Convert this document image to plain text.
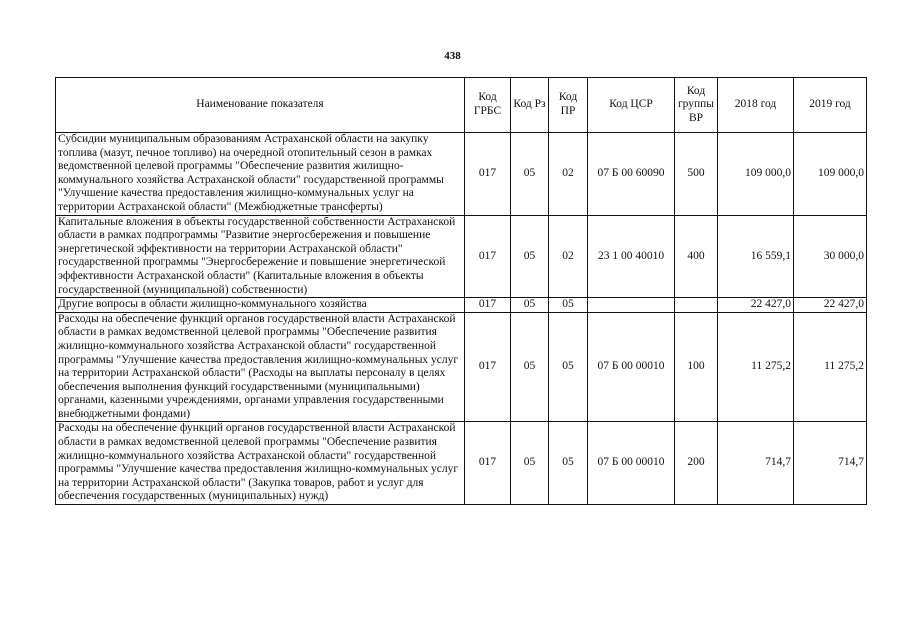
438
Наименование показателя	Код ГРБС	Код Рз	Код ПР	Код ЦСР	Код группы ВР	2018 год	2019 год
Субсидии муниципальным образованиям Астраханской области на закупку топлива (мазут, печное топливо) на очередной отопительный сезон в рамках ведомственной целевой программы "Обеспечение развития жилищно-коммунального хозяйства Астраханской области" государственной программы "Улучшение качества предоставления жилищно-коммунальных услуг на территории Астраханской области" (Межбюджетные трансферты)	017	05	02	07 Б 00 60090	500	109 000,0	109 000,0
Капитальные вложения в объекты государственной собственности Астраханской области в рамках подпрограммы "Развитие энергосбережения и повышение энергетической эффективности на территории Астраханской области" государственной программы "Энергосбережение и повышение энергетической эффективности Астраханской области" (Капитальные вложения в объекты государственной (муниципальной) собственности)	017	05	02	23 1 00 40010	400	16 559,1	30 000,0
Другие вопросы в области жилищно-коммунального хозяйства	017	05	05			22 427,0	22 427,0
Расходы на обеспечение функций органов государственной власти Астраханской области в рамках ведомственной целевой программы "Обеспечение развития жилищно-коммунального хозяйства Астраханской области" государственной программы "Улучшение качества предоставления жилищно-коммунальных услуг на территории Астраханской области" (Расходы на выплаты персоналу в целях обеспечения выполнения функций государственными (муниципальными) органами, казенными учреждениями, органами управления государственными внебюджетными фондами)	017	05	05	07 Б 00 00010	100	11 275,2	11 275,2
Расходы на обеспечение функций органов государственной власти Астраханской области в рамках ведомственной целевой программы "Обеспечение развития жилищно-коммунального хозяйства Астраханской области" государственной программы "Улучшение качества предоставления жилищно-коммунальных услуг на территории Астраханской области" (Закупка товаров, работ и услуг для обеспечения государственных (муниципальных) нужд)	017	05	05	07 Б 00 00010	200	714,7	714,7
